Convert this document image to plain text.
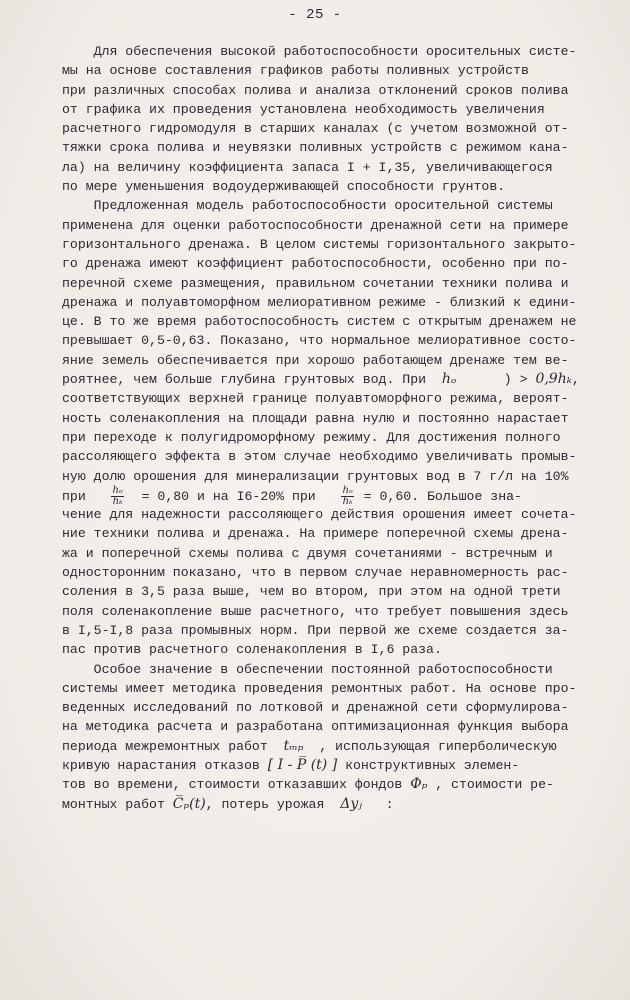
- 25 -
Для обеспечения высокой работоспособности оросительных систе-
мы на основе составления графиков работы поливных устройств
при различных способах полива и анализа отклонений сроков полива
от графика их проведения установлена необходимость увеличения
расчетного гидромодуля в старших каналах (с учетом возможной от-
тяжки срока полива и неувязки поливных устройств с режимом кана-
ла) на величину коэффициента запаса I + I,35, увеличивающегося
по мере уменьшения водоудерживающей способности грунтов.
Предложенная модель работоспособности оросительной системы
применена для оценки работоспособности дренажной сети на примере
горизонтального дренажа. В целом системы горизонтального закрыто-
го дренажа имеют коэффициент работоспособности, особенно при по-
перечной схеме размещения, правильном сочетании техники полива и
дренажа и полуавтоморфном мелиоративном режиме - близкий к едини-
це. В то же время работоспособность систем с открытым дренажем не
превышает 0,5-0,63. Показано, что нормальное мелиоративное состо-
яние земель обеспечивается при хорошо работающем дренаже тем ве-
роятнее, чем больше глубина грунтовых вод. При  hₒ      ) > 0,9hₖ,
соответствующих верхней границе полуавтоморфного режима, вероят-
ность соленакопления на площади равна нулю и постоянно нарастает
при переходе к полугидроморфному режиму. Для достижения полного
рассоляющего эффекта в этом случае необходимо увеличивать промыв-
ную долю орошения для минерализации грунтовых вод в 7 г/л на 10%
при $\frac{\text{hₒ}}{\text{hₖ}} = 0,80$ и на I6-20% при $\frac{\text{hₒ}}{\text{hₖ}} = 0,60$. Большое зна-
чение для надежности рассоляющего действия орошения имеет сочета-
ние техники полива и дренажа. На примере поперечной схемы дрена-
жа и поперечной схемы полива с двумя сочетаниями - встречным и
односторонним показано, что в первом случае неравномерность рас-
соления в 3,5 раза выше, чем во втором, при этом на одной трети
поля соленакопление выше расчетного, что требует повышения здесь
в I,5-I,8 раза промывных норм. При первой же схеме создается за-
пас против расчетного соленакопления в I,6 раза.
Особое значение в обеспечении постоянной работоспособности
системы имеет методика проведения ремонтных работ. На основе про-
веденных исследований по лотковой и дренажной сети сформулирова-
на методика расчета и разработана оптимизационная функция выбора
периода межремонтных работ  tₘₚ  , использующая гиперболическую
кривую нарастания отказов [ I - P̅ (t) ] конструктивных элемен-
тов во времени, стоимости отказавших фондов Φₚ , стоимости ре-
монтных работ C̅ₚ(t), потерь урожая  Δyⱼ   :
